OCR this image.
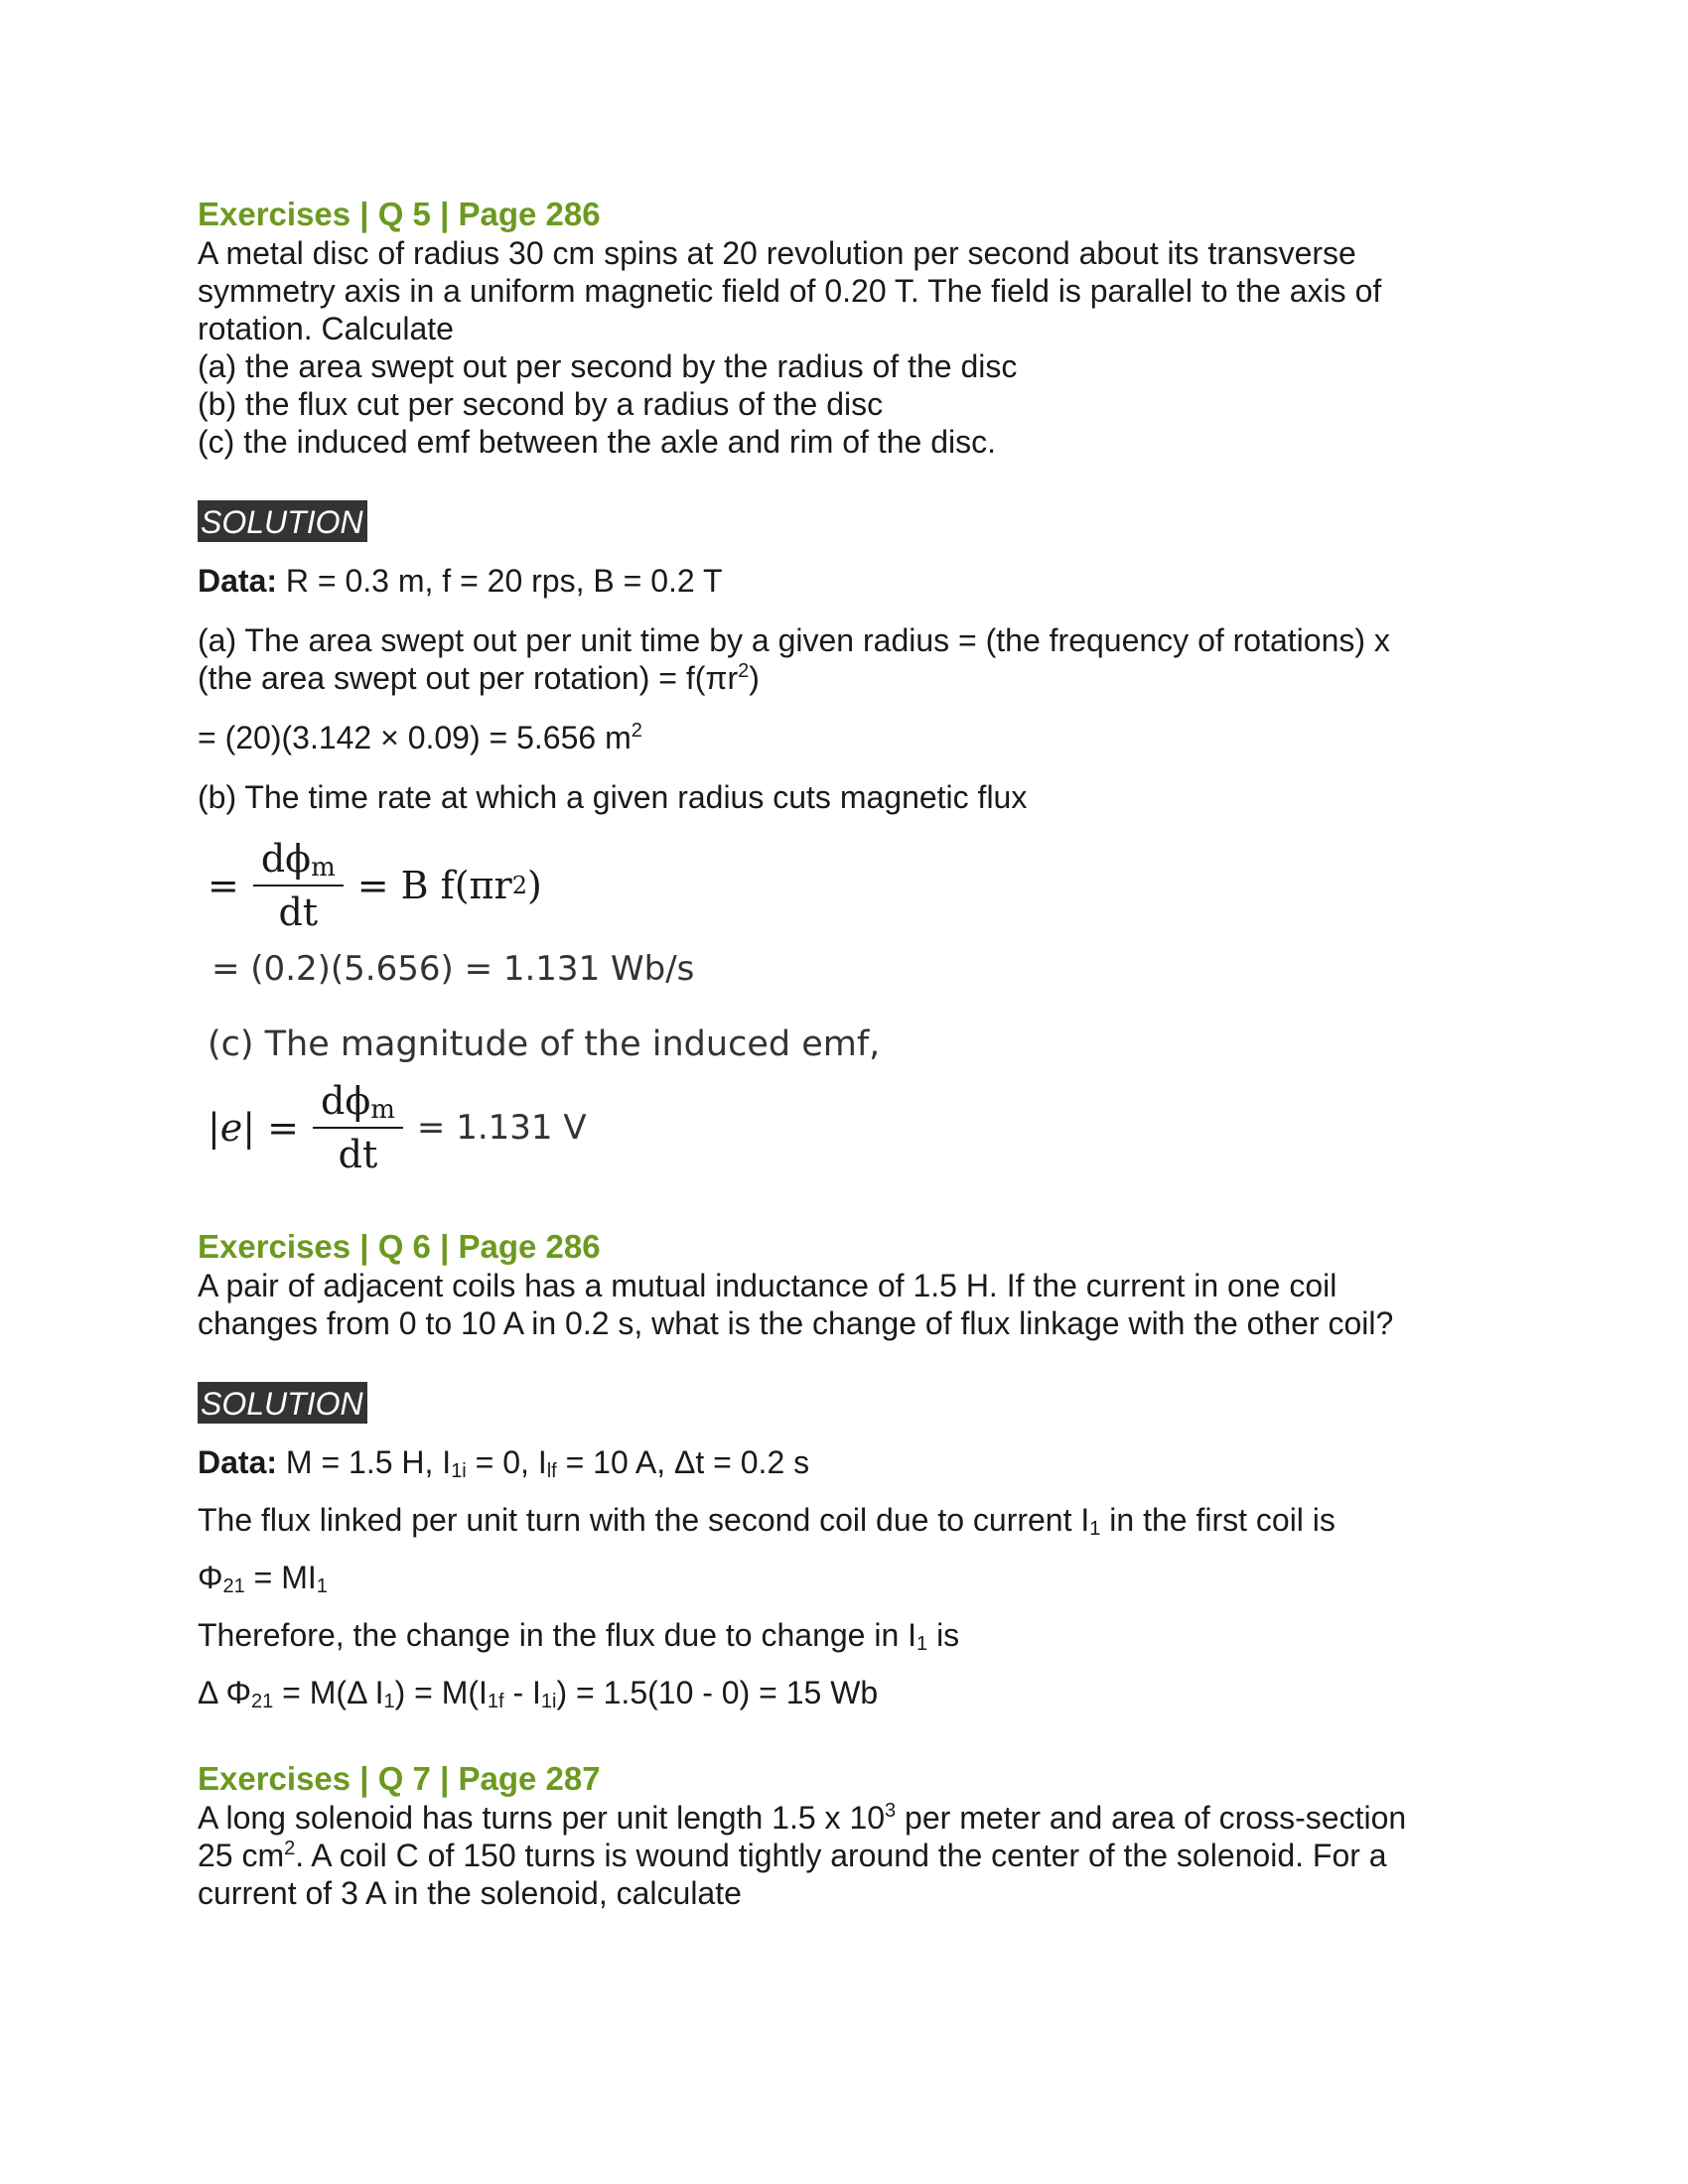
Exercises | Q 5 | Page 286

A metal disc of radius 30 cm spins at 20 revolution per second about its transverse

symmetry axis in a uniform magnetic field of 0.20 T. The field is parallel to the axis of

rotation. Calculate

(a) the area swept out per second by the radius of the disc

(b) the flux cut per second by a radius of the disc

(c) the induced emf between the axle and rim of the disc.

SOLUTION

Data: R = 0.3 m, f = 20 rps, B = 0.2 T

(a) The area swept out per unit time by a given radius = (the frequency of rotations) x

(the area swept out per rotation) = $f(\pi r^2)$

= (20)(3.142 × 0.09) = 5.656 $m^2$

(b) The time rate at which a given radius cuts magnetic flux

= $\frac{d\phi_m}{dt} = B$ f(πr 2 )

= (0.2)(5.656) = 1.131 Wb/s

(c) The magnitude of the induced emf,

$|e| = \frac{d\phi_m}{dt} = 1.131$ V

Exercises | Q 6 | Page 286

A pair of adjacent coils has a mutual inductance of 1.5 H. If the current in one coil

changes from 0 to 10 A in 0.2 s, what is the change of flux linkage with the other coil?

SOLUTION

Data: M = 1.5 H, $I_{1i} = 0$, $I_{lf} = 10$ A, Δt = 0.2 s

The flux linked per unit turn with the second coil due to current $I_1$ in the first coil is

$\Phi_{21} = MI_1$

Therefore, the change in the flux due to change in $I_1$ is

Δ $\Phi_{21} = M(\Delta$ $I_1) = M(I_{1f} - I_{1i}) = 1.5(10 - 0) = 15$ Wb

Exercises | Q 7 | Page 287

A long solenoid has turns per unit length 1.5 x $10^3$ per meter and area of cross-section

25 $cm^2$. A coil C of 150 turns is wound tightly around the center of the solenoid. For a

current of 3 A in the solenoid, calculate
